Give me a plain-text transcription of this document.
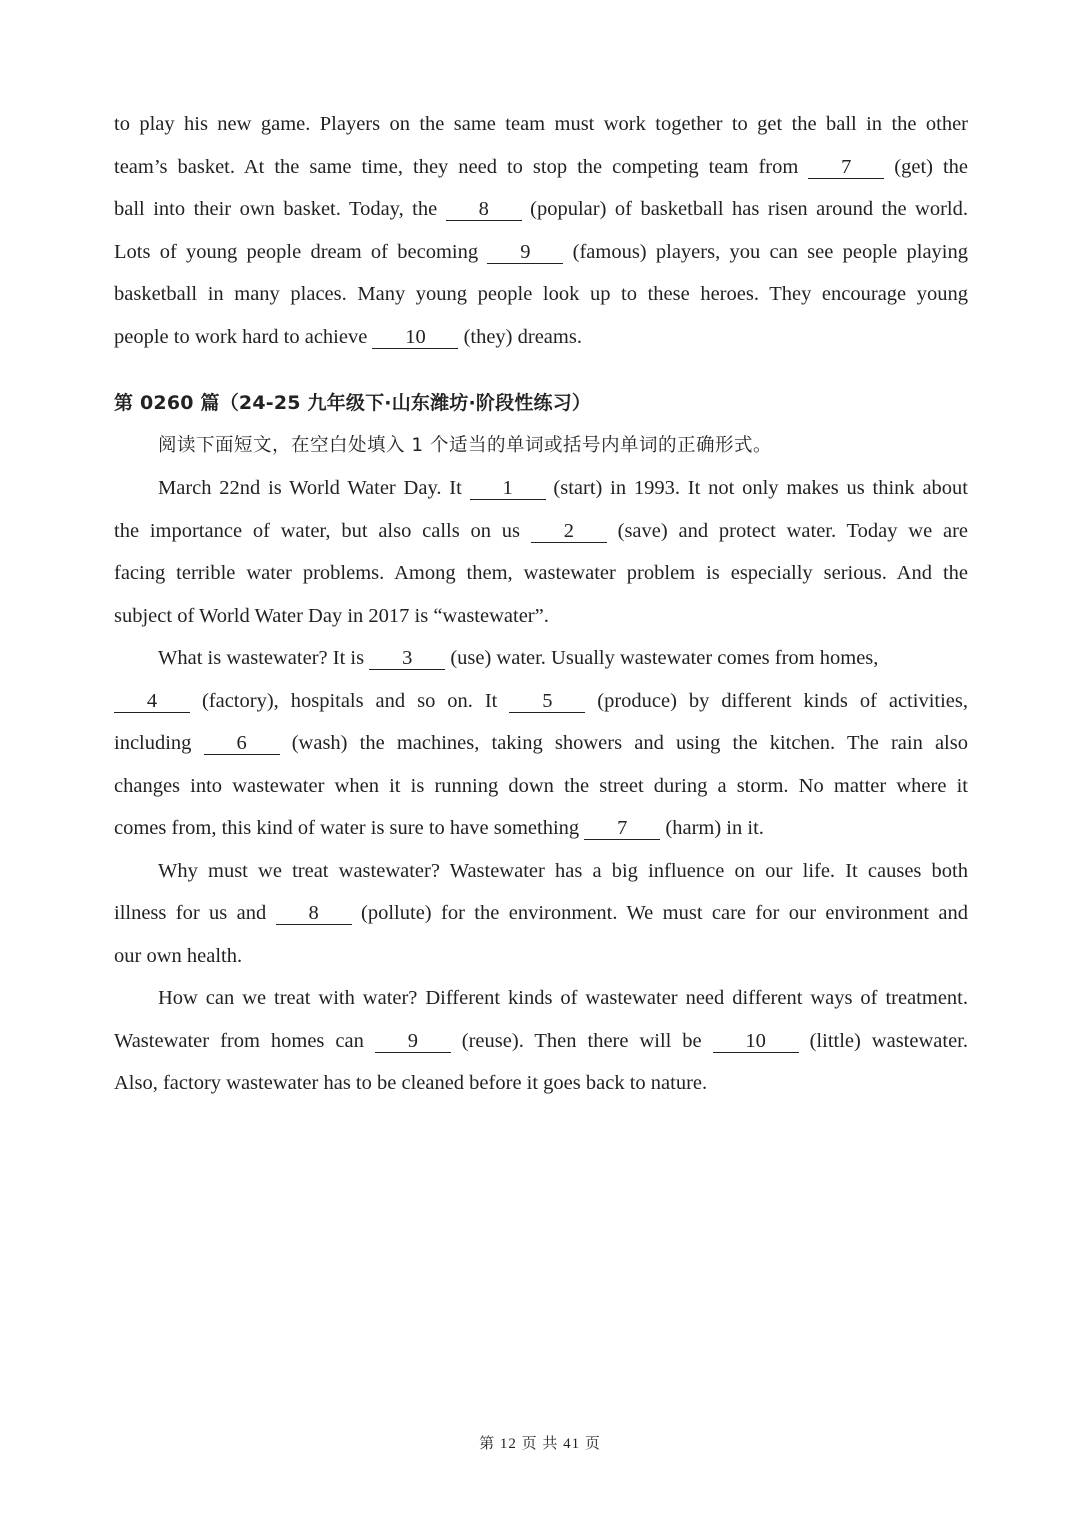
to play his new game. Players on the same team must work together to get the ball in the other
team’s basket. At the same time, they need to stop the competing team from 7 (get) the
ball into their own basket. Today, the 8 (popular) of basketball has risen around the world.
Lots of young people dream of becoming 9 (famous) players, you can see people playing
basketball in many places. Many young people look up to these heroes. They encourage young
people to work hard to achieve 10 (they) dreams.
第 0260 篇（24-25 九年级下·山东潍坊·阶段性练习）
阅读下面短文，在空白处填入 1 个适当的单词或括号内单词的正确形式。
March 22nd is World Water Day. It 1 (start) in 1993. It not only makes us think about
the importance of water, but also calls on us 2 (save) and protect water. Today we are
facing terrible water problems. Among them, wastewater problem is especially serious. And the
subject of World Water Day in 2017 is “wastewater”.
What is wastewater? It is 3 (use) water. Usually wastewater comes from homes,
4 (factory), hospitals and so on. It 5 (produce) by different kinds of activities,
including 6 (wash) the machines, taking showers and using the kitchen. The rain also
changes into wastewater when it is running down the street during a storm. No matter where it
comes from, this kind of water is sure to have something 7 (harm) in it.
Why must we treat wastewater? Wastewater has a big influence on our life. It causes both
illness for us and 8 (pollute) for the environment. We must care for our environment and
our own health.
How can we treat with water? Different kinds of wastewater need different ways of treatment.
Wastewater from homes can 9 (reuse). Then there will be 10 (little) wastewater.
Also, factory wastewater has to be cleaned before it goes back to nature.
第 12 页 共 41 页
